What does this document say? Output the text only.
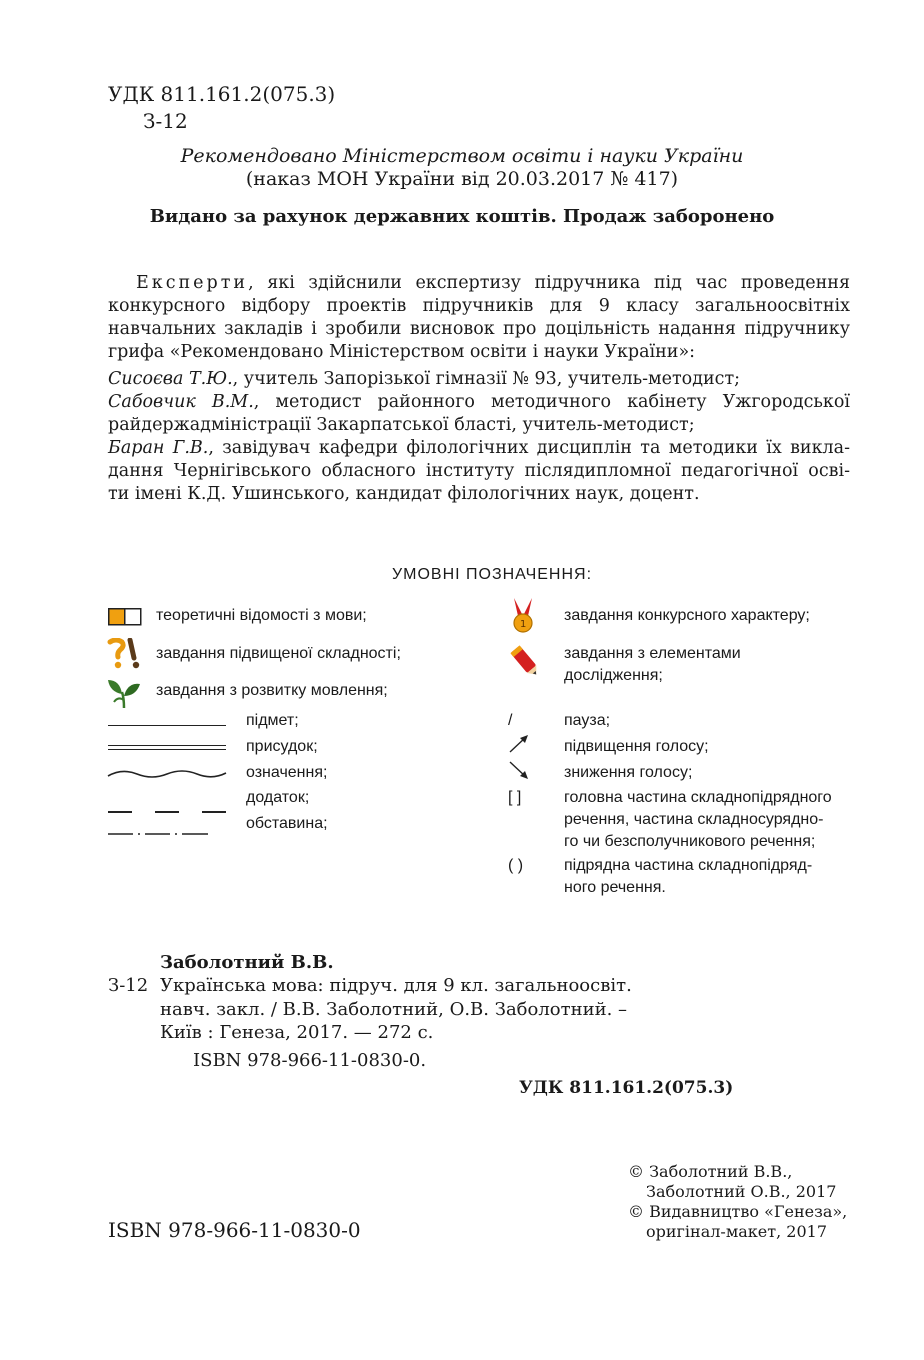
УДК 811.161.2(075.3)
З-12
Рекомендовано Міністерством освіти і науки України
(наказ МОН України від 20.03.2017 № 417)
Видано за рахунок державних коштів. Продаж заборонено

Експерти, які здійснили експертизу підручника під час проведення

конкурсного відбору проектів підручників для 9 класу загальноосвітніх

навчальних закладів і зробили висновок про доцільність надання підручнику

грифа «Рекомендовано Міністерством освіти і науки України»:

Сисоєва Т.Ю., учитель Запорізької гімназії № 93, учитель-методист;

Сабовчик В.М., методист районного методичного кабінету Ужгородської

райдержадміністрації Закарпатської бласті, учитель-методист;

Баран Г.В., завідувач кафедри філологічних дисциплін та методики їх викла-

дання Чернігівського обласного інституту післядипломної педагогічної осві-

ти імені К.Д. Ушинського, кандидат філологічних наук, доцент.

УМОВНІ ПОЗНАЧЕННЯ:
теоретичні відомості з мови;
завдання підвищеної складності;
завдання з розвитку мовлення;
1
завдання конкурсного характеру;
завдання з елементами
дослідження;
підмет;
присудок;
означення;
додаток;
обставина;
/	пауза;
підвищення голосу;
зниження голосу;
[ ]	головна частина складнопідрядного
речення, частина складносурядно-
го чи безсполучникового речення;
( )	підрядна частина складнопідряд-
ного речення.
Заболотний В.В.
З-12 Українська мова: підруч. для 9 кл. загальноосвіт.
навч. закл. / В.В. Заболотний, О.В. Заболотний. –
Київ : Генеза, 2017. — 272 с.
ISBN 978-966-11-0830-0.
УДК 811.161.2(075.3)
© Заболотний В.В.,
Заболотний О.В., 2017
© Видавництво «Генеза»,
оригінал-макет, 2017
ISBN 978-966-11-0830-0
